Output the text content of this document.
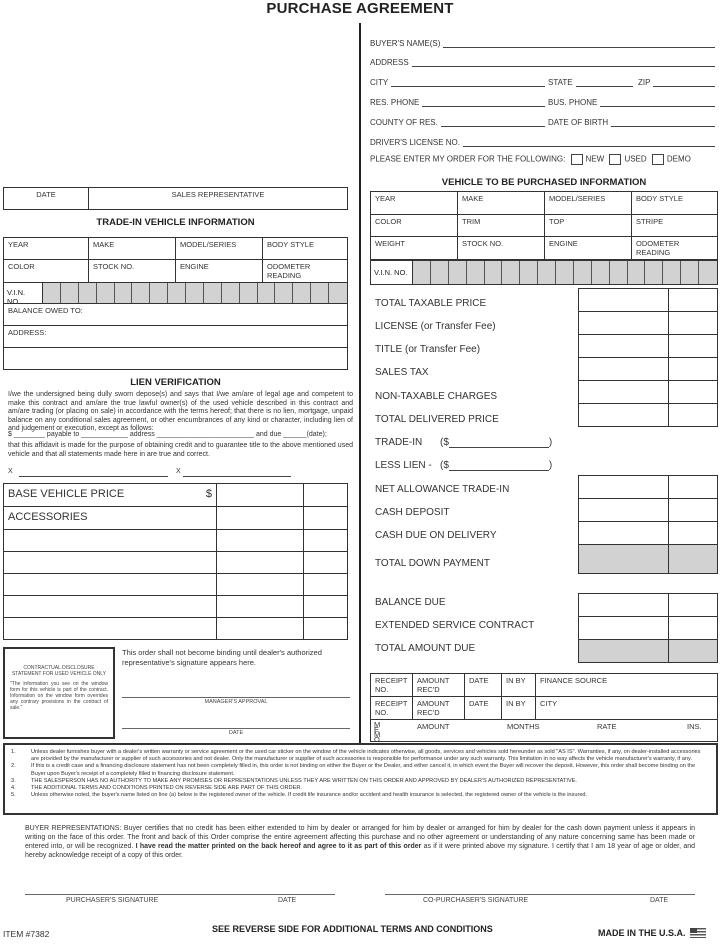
PURCHASE AGREEMENT
BUYER'S NAME(S)
ADDRESS
CITY	STATE	ZIP
RES. PHONE	BUS. PHONE
COUNTY OF RES.	DATE OF BIRTH
DRIVER'S LICENSE NO.
PLEASE ENTER MY ORDER FOR THE FOLLOWING:	NEW	USED	DEMO
VEHICLE TO BE PURCHASED INFORMATION
YEAR	MAKE	MODEL/SERIES	BODY STYLE
COLOR	TRIM	TOP	STRIPE
WEIGHT	STOCK NO.	ENGINE	ODOMETER READING
V.I.N. NO.
TOTAL TAXABLE PRICE
LICENSE (or Transfer Fee)
TITLE (or Transfer Fee)
SALES TAX
NON-TAXABLE CHARGES
TOTAL DELIVERED PRICE

TRADE-IN	($	)
LESS LIEN - ($	)
NET ALLOWANCE TRADE-IN
CASH DEPOSIT
CASH DUE ON DELIVERY
TOTAL DOWN PAYMENT

BALANCE DUE
EXTENDED SERVICE CONTRACT
TOTAL AMOUNT DUE

RECEIPT NO.	AMOUNT REC'D	DATE	IN BY	FINANCE SOURCE
RECEIPT NO.	AMOUNT REC'D	DATE	IN BY	CITY

M E M O
AMOUNT MONTHS RATE INS.				
DATE	SALES REPRESENTATIVE
TRADE-IN VEHICLE INFORMATION
YEAR	MAKE	MODEL/SERIES	BODY STYLE
COLOR	STOCK NO.	ENGINE	ODOMETER READING
V.I.N. NO.
BALANCE OWED TO:
ADDRESS:

LIEN VERIFICATION
I/we the undersigned being dully sworn depose(s) and says that I/we am/are of legal age and competent to make this contract and am/are the true lawful owner(s) of the used vehicle described in this contract and am/are trading (or placing on sale) in accordance with the terms hereof; that there is no lien, mortgage, unpaid balance on any conditional sales agreement, or other encumbrances of any kind or character, including lien of and judgement or execution, except as follows:
$ ________ payable to ____________ address _________________________ and due ______(date);
that this affidavit is made for the purpose of obtaining credit and to guarantee title to the above mentioned used vehicle and that all statements made here in are true and correct.
X	X
BASE VEHICLE PRICE $		

ACCESSORIES		

CONTRACTUAL DISCLOSURE STATEMENT FOR USED VEHICLE ONLY
"The information you see on the window form for this vehicle is part of the contract. Information on the window form overrides any contrary provisions in the contract of sale."
This order shall not become binding until dealer's authorized representative's signature appears here.
MANAGER'S APPROVAL
DATE
1.	Unless dealer furnishes buyer with a dealer's written warranty or service agreement or the used car sticker on the window of the vehicle indicates otherwise, all goods, services and vehicles sold hereunder as sold "AS IS". Warranties, if any, on dealer-installed accessories are provided by the manufacturer or supplier of such accessories and not dealer. Only the manufacturer or supplier of such accessories is responsible for performance under any such warranty. This limitation in no way affects the vehicle manufacturer's warranty, if any.
2.	If this is a credit case and a financing disclosure statement has not been completely filled in, this order is not binding on either the Buyer or the Dealer, and either cancel it, in which event the Buyer will recover the deposit. However, this order shall become binding on the Buyer upon Buyer's receipt of a completely filled in financing disclosure statement.
3.	THE SALESPERSON HAS NO AUTHORITY TO MAKE ANY PROMISES OR REPRESENTATIONS UNLESS THEY ARE WRITTEN ON THIS ORDER AND APPROVED BY DEALER'S AUTHORIZED REPRESENTATIVE.
4.	THE ADDITIONAL TERMS AND CONDITIONS PRINTED ON REVERSE SIDE ARE PART OF THIS ORDER.
5.	Unless otherwise noted, the buyer's name listed on line (a) below is the registered owner of the vehicle. If credit life insurance and/or accident and health insurance is selected, the registered owner of the vehicle is the insured.
BUYER REPRESENTATIONS: Buyer certifies that no credit has been either extended to him by dealer or arranged for him by dealer or arranged for him by dealer for the cash down payment unless it appears in writing on the face of this order. The front and back of this Order comprise the entire agreement affecting this purchase and no other agreement or understanding of any nature concerning same has been made or entered into, or will be recognized. I have read the matter printed on the back hereof and agree to it as part of this order as if it were printed above my signature. I certify that I am 18 year of age or older, and hereby acknowledge receipt of a copy of this order.
PURCHASER'S SIGNATURE	DATE	CO-PURCHASER'S SIGNATURE	DATE
ITEM #7382	SEE REVERSE SIDE FOR ADDITIONAL TERMS AND CONDITIONS	MADE IN THE U.S.A.
